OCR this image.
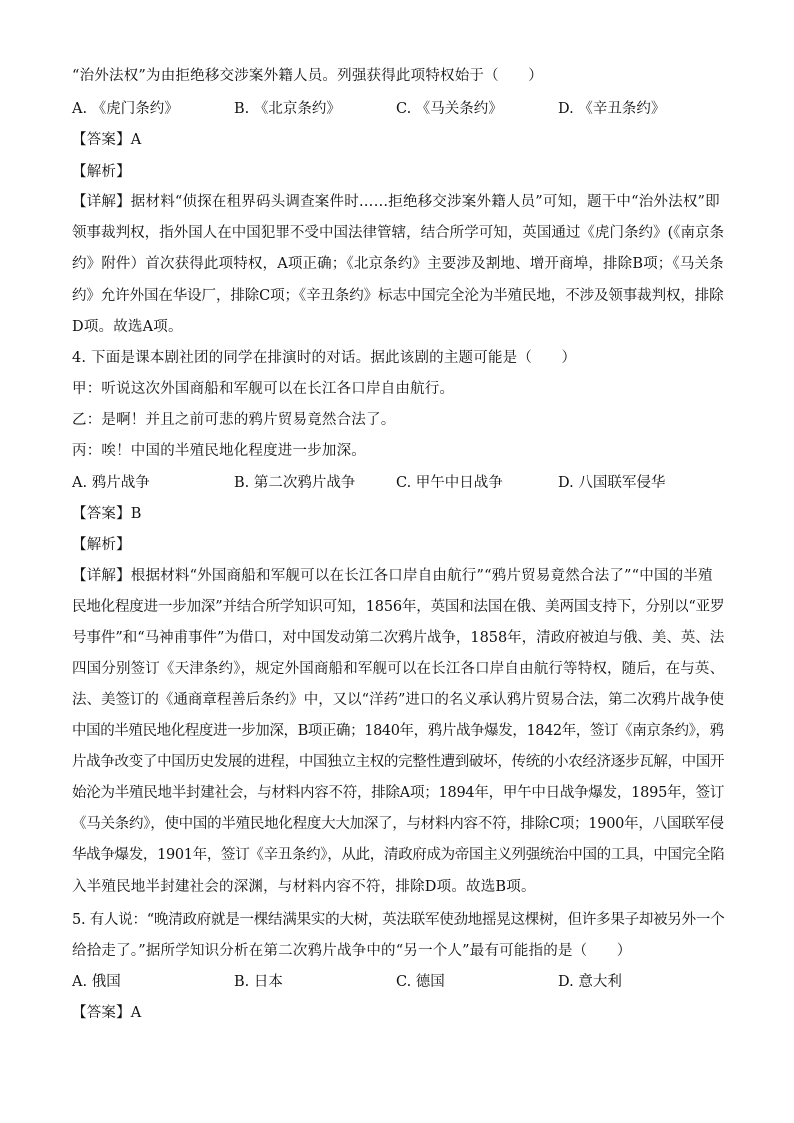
“治外法权”为由拒绝移交涉案外籍人员。列强获得此项特权始于（　　）
A. 《虎门条约》	B. 《北京条约》	C. 《马关条约》	D. 《辛丑条约》
【答案】A
【解析】
【详解】据材料“侦探在租界码头调查案件时……拒绝移交涉案外籍人员”可知，题干中“治外法权”即
领事裁判权，指外国人在中国犯罪不受中国法律管辖，结合所学可知，英国通过《虎门条约》(《南京条
约》附件）首次获得此项特权，A项正确；《北京条约》主要涉及割地、增开商埠，排除B项；《马关条
约》允许外国在华设厂，排除C项；《辛丑条约》标志中国完全沦为半殖民地，不涉及领事裁判权，排除
D项。故选A项。
4. 下面是课本剧社团的同学在排演时的对话。据此该剧的主题可能是（　　）
甲：听说这次外国商船和军舰可以在长江各口岸自由航行。
乙：是啊！并且之前可悲的鸦片贸易竟然合法了。
丙：唉！中国的半殖民地化程度进一步加深。
A. 鸦片战争	B. 第二次鸦片战争	C. 甲午中日战争	D. 八国联军侵华
【答案】B
【解析】
【详解】根据材料“外国商船和军舰可以在长江各口岸自由航行”“鸦片贸易竟然合法了”“中国的半殖
民地化程度进一步加深”并结合所学知识可知，1856年，英国和法国在俄、美两国支持下，分别以“亚罗
号事件”和“马神甫事件”为借口，对中国发动第二次鸦片战争，1858年，清政府被迫与俄、美、英、法
四国分别签订《天津条约》，规定外国商船和军舰可以在长江各口岸自由航行等特权，随后，在与英、
法、美签订的《通商章程善后条约》中，又以“洋药”进口的名义承认鸦片贸易合法，第二次鸦片战争使
中国的半殖民地化程度进一步加深，B项正确；1840年，鸦片战争爆发，1842年，签订《南京条约》，鸦
片战争改变了中国历史发展的进程，中国独立主权的完整性遭到破坏，传统的小农经济逐步瓦解，中国开
始沦为半殖民地半封建社会，与材料内容不符，排除A项；1894年，甲午中日战争爆发，1895年，签订
《马关条约》，使中国的半殖民地化程度大大加深了，与材料内容不符，排除C项；1900年，八国联军侵
华战争爆发，1901年，签订《辛丑条约》，从此，清政府成为帝国主义列强统治中国的工具，中国完全陷
入半殖民地半封建社会的深渊，与材料内容不符，排除D项。故选B项。
5. 有人说：“晚清政府就是一棵结满果实的大树，英法联军使劲地摇晃这棵树，但许多果子却被另外一个
给拾走了。”据所学知识分析在第二次鸦片战争中的“另一个人”最有可能指的是（　　）
A. 俄国	B. 日本	C. 德国	D. 意大利
【答案】A
